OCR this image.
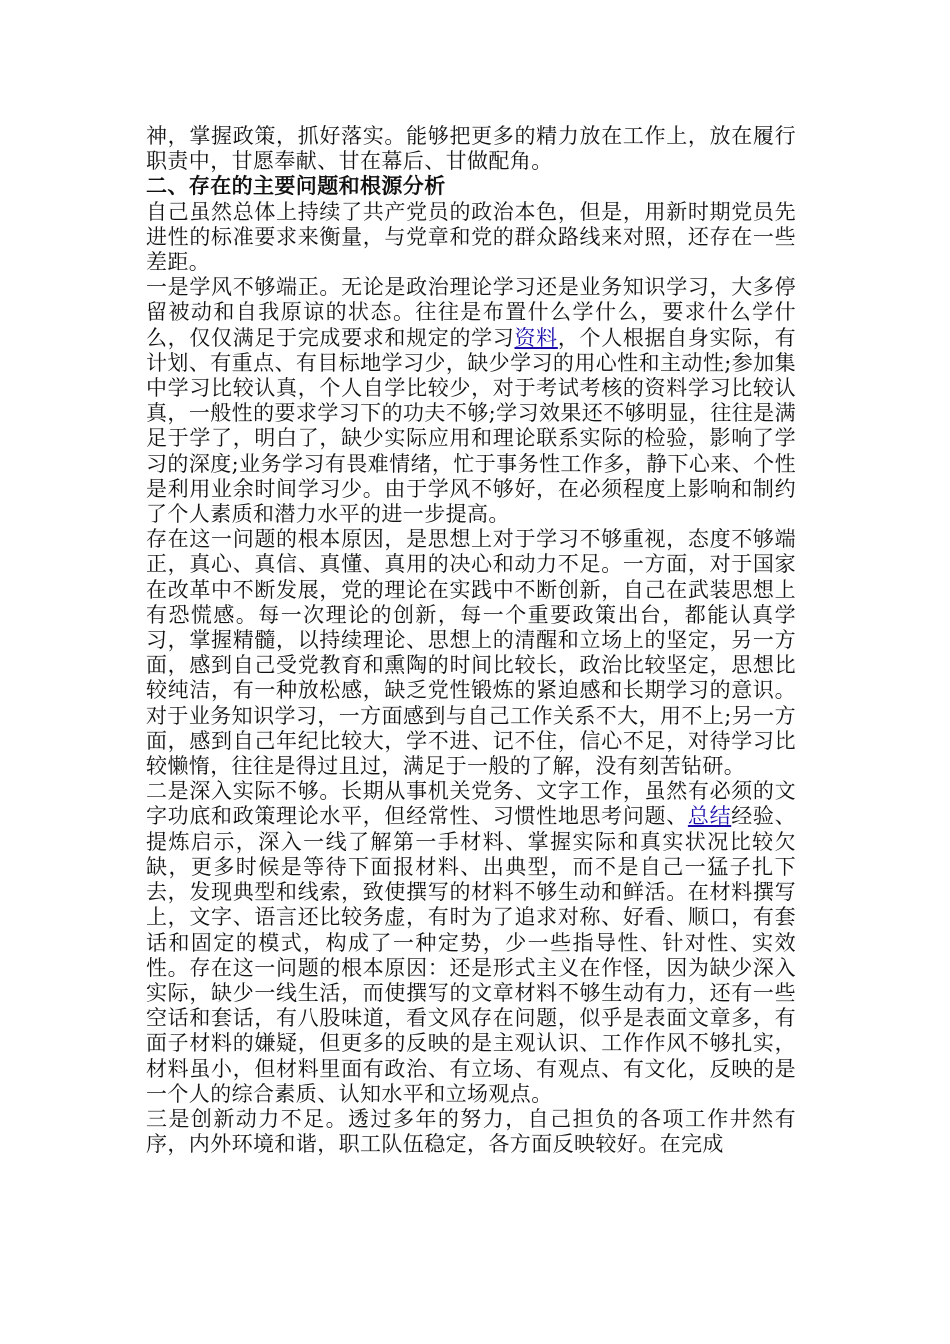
神，掌握政策，抓好落实。能够把更多的精力放在工作上，放在履行职责中，甘愿奉献、甘在幕后、甘做配角。

二、存在的主要问题和根源分析

自己虽然总体上持续了共产党员的政治本色，但是，用新时期党员先进性的标准要求来衡量，与党章和党的群众路线来对照，还存在一些差距。

一是学风不够端正。无论是政治理论学习还是业务知识学习，大多停留被动和自我原谅的状态。往往是布置什么学什么，要求什么学什么，仅仅满足于完成要求和规定的学习资料，个人根据自身实际，有计划、有重点、有目标地学习少，缺少学习的用心性和主动性;参加集中学习比较认真，个人自学比较少，对于考试考核的资料学习比较认真，一般性的要求学习下的功夫不够;学习效果还不够明显，往往是满足于学了，明白了，缺少实际应用和理论联系实际的检验，影响了学习的深度;业务学习有畏难情绪，忙于事务性工作多，静下心来、个性是利用业余时间学习少。由于学风不够好，在必须程度上影响和制约了个人素质和潜力水平的进一步提高。

存在这一问题的根本原因，是思想上对于学习不够重视，态度不够端正，真心、真信、真懂、真用的决心和动力不足。一方面，对于国家在改革中不断发展，党的理论在实践中不断创新，自己在武装思想上有恐慌感。每一次理论的创新，每一个重要政策出台，都能认真学习，掌握精髓，以持续理论、思想上的清醒和立场上的坚定，另一方面，感到自己受党教育和熏陶的时间比较长，政治比较坚定，思想比较纯洁，有一种放松感，缺乏党性锻炼的紧迫感和长期学习的意识。对于业务知识学习，一方面感到与自己工作关系不大，用不上;另一方面，感到自己年纪比较大，学不进、记不住，信心不足，对待学习比较懒惰，往往是得过且过，满足于一般的了解，没有刻苦钻研。

二是深入实际不够。长期从事机关党务、文字工作，虽然有必须的文字功底和政策理论水平，但经常性、习惯性地思考问题、总结经验、提炼启示，深入一线了解第一手材料、掌握实际和真实状况比较欠缺，更多时候是等待下面报材料、出典型，而不是自己一猛子扎下去，发现典型和线索，致使撰写的材料不够生动和鲜活。在材料撰写上，文字、语言还比较务虚，有时为了追求对称、好看、顺口，有套话和固定的模式，构成了一种定势，少一些指导性、针对性、实效性。存在这一问题的根本原因：还是形式主义在作怪，因为缺少深入实际，缺少一线生活，而使撰写的文章材料不够生动有力，还有一些空话和套话，有八股味道，看文风存在问题，似乎是表面文章多，有面子材料的嫌疑，但更多的反映的是主观认识、工作作风不够扎实，材料虽小，但材料里面有政治、有立场、有观点、有文化，反映的是一个人的综合素质、认知水平和立场观点。

三是创新动力不足。透过多年的努力，自己担负的各项工作井然有序，内外环境和谐，职工队伍稳定，各方面反映较好。在完成
